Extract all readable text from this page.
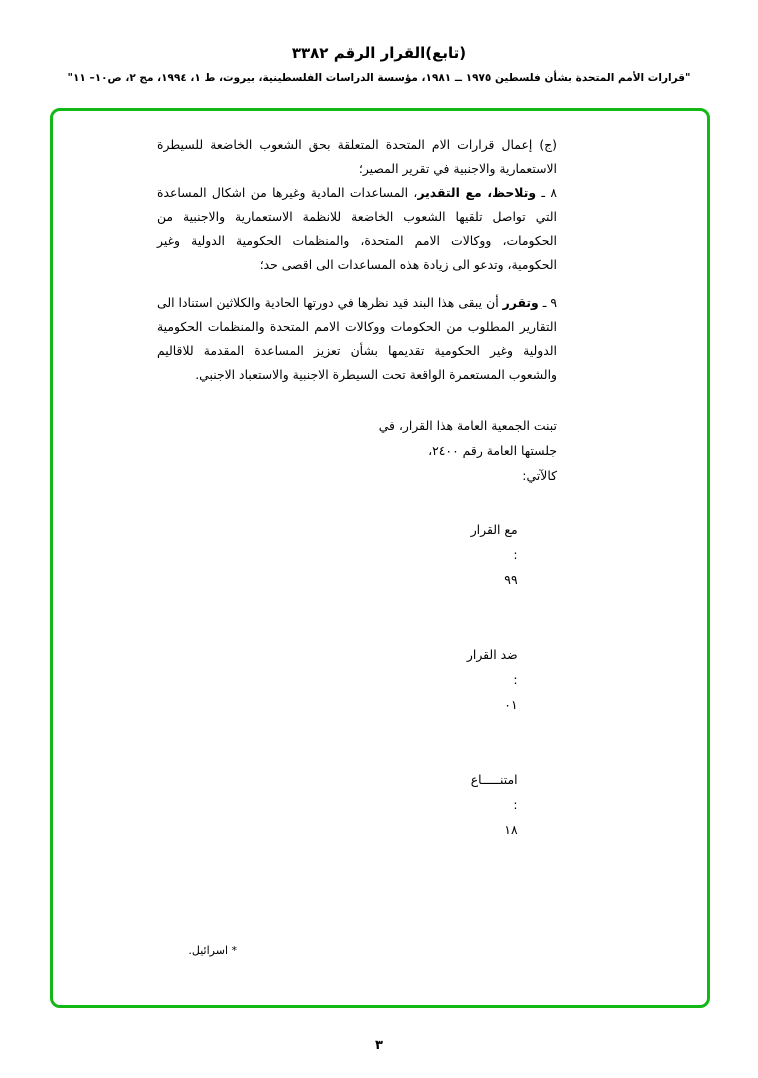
(تابع)القرار الرقم ٣٣٨٢
"قرارات الأمم المتحدة بشأن فلسطين ١٩٧٥ ــ ١٩٨١، مؤسسة الدراسات الفلسطينية، بيروت، ط ١، ١٩٩٤، مج ٢، ص١٠– ١١"

(ج) إعمال قرارات الام المتحدة المتعلقة بحق الشعوب الخاضعة للسيطرة الاستعمارية والاجنبية في تقرير المصير؛

٨ ـ وتلاحظ، مع التقدير، المساعدات المادية وغيرها من اشكال المساعدة التي تواصل تلقيها الشعوب الخاضعة للانظمة الاستعمارية والاجنبية من الحكومات، ووكالات الامم المتحدة، والمنظمات الحكومية الدولية وغير الحكومية، وتدعو الى زيادة هذه المساعدات الى اقصى حد؛

٩ ـ وتقرر أن يبقى هذا البند قيد نظرها في دورتها الحادية والكلاثين استنادا الى التقارير المطلوب من الحكومات ووكالات الامم المتحدة والمنظمات الحكومية الدولية وغير الحكومية تقديمها بشأن تعزيز المساعدة المقدمة للاقاليم والشعوب المستعمرة الواقعة تحت السيطرة الاجنبية والاستعباد الاجنبي.

تبنت الجمعية العامة هذا القرار، في
جلستها العامة رقم ٢٤٠٠،
كالآتي:

مع القرار
:
٩٩

ضد القرار
:
٠١

امتنـــــاع
:
١٨

* اسرائيل.
٣
